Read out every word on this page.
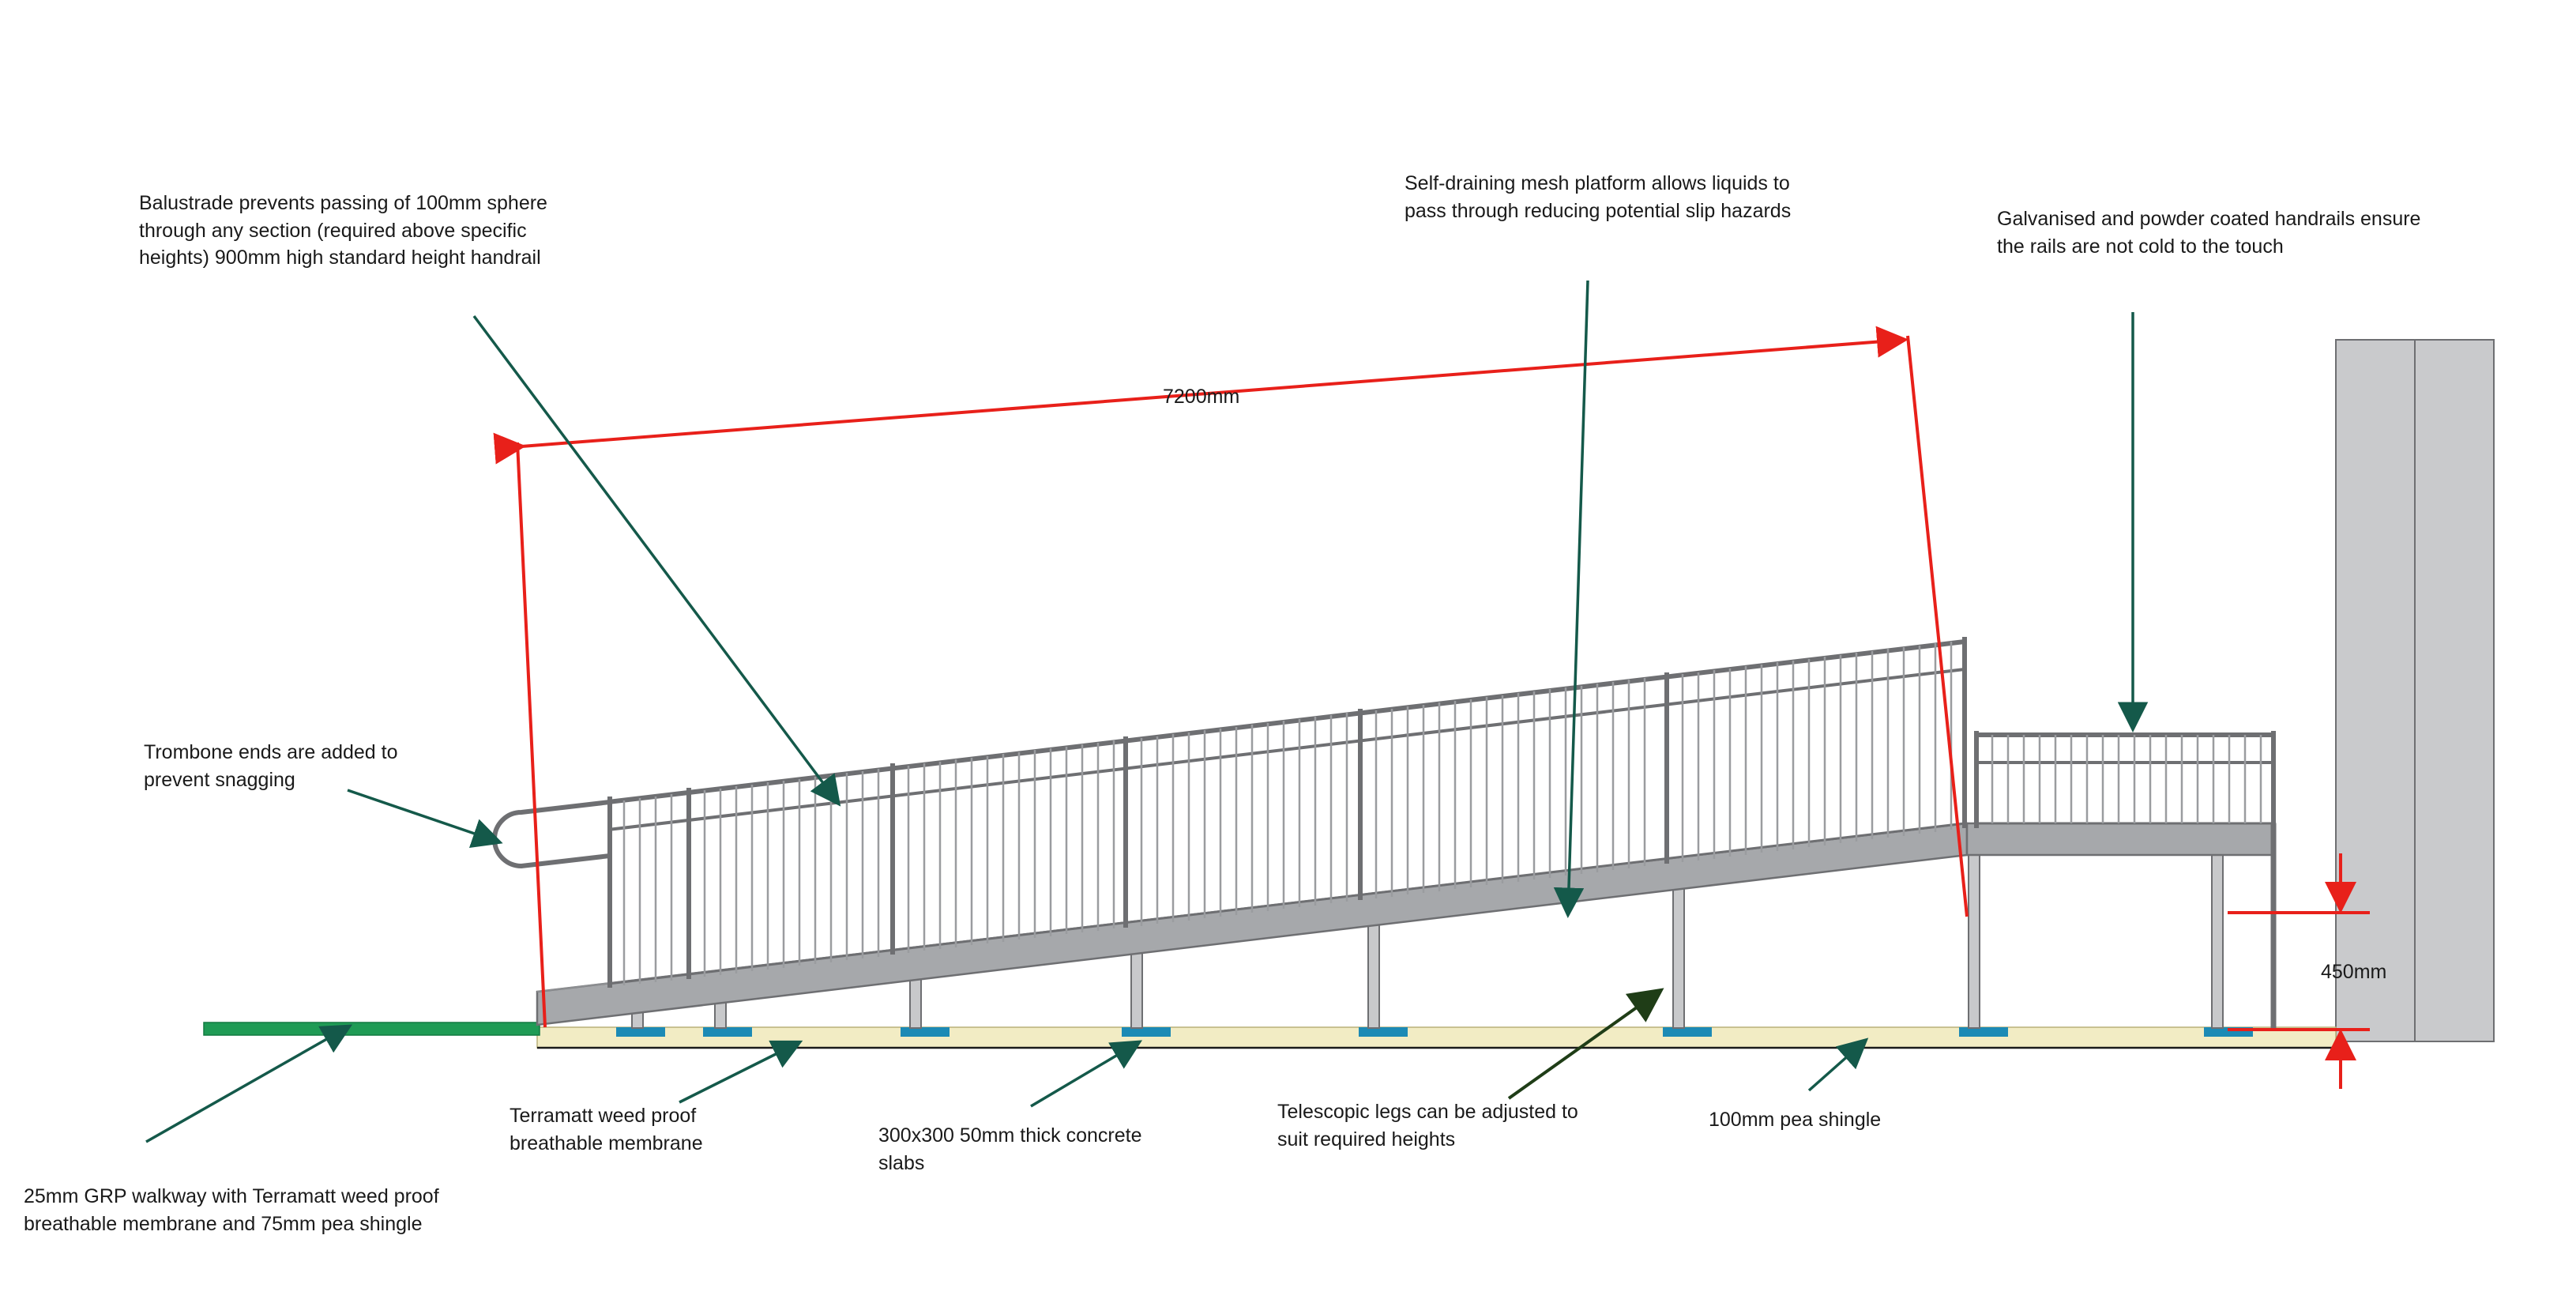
Balustrade prevents passing of 100mm sphere through any section (required above specific heights) 900mm high standard height handrail
Self-draining mesh platform allows liquids to pass through reducing potential slip hazards	Galvanised and powder coated handrails ensure the rails are not cold to the touch
Trombone ends are added to prevent snagging
25mm GRP walkway with Terramatt weed proof breathable membrane and 75mm pea shingle
Terramatt weed proof breathable membrane	300x300 50mm thick concrete slabs
Telescopic legs can be adjusted to suit required heights
100mm pea shingle
7200mm
450mm
